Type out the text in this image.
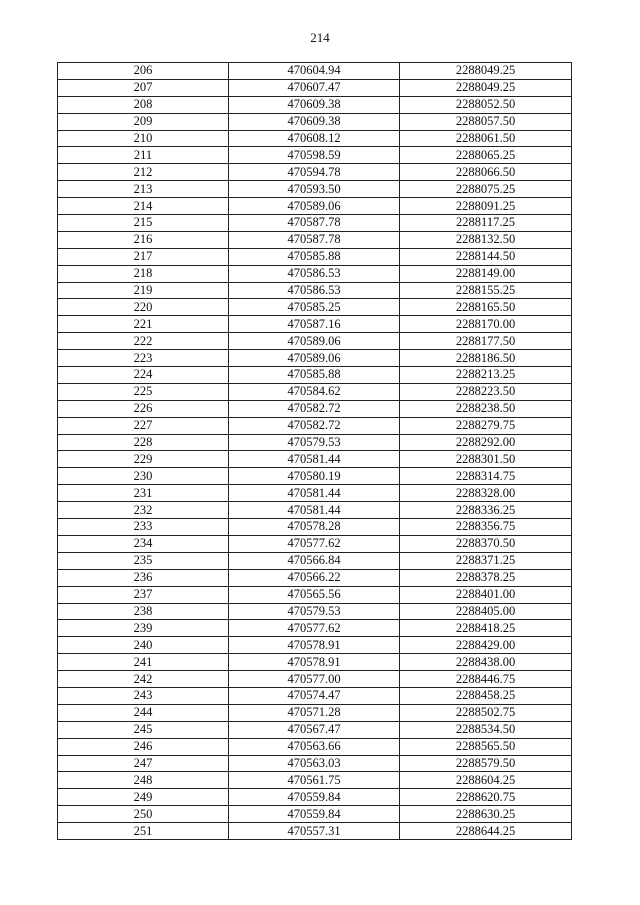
214
206	470604.94	2288049.25
207	470607.47	2288049.25
208	470609.38	2288052.50
209	470609.38	2288057.50
210	470608.12	2288061.50
211	470598.59	2288065.25
212	470594.78	2288066.50
213	470593.50	2288075.25
214	470589.06	2288091.25
215	470587.78	2288117.25
216	470587.78	2288132.50
217	470585.88	2288144.50
218	470586.53	2288149.00
219	470586.53	2288155.25
220	470585.25	2288165.50
221	470587.16	2288170.00
222	470589.06	2288177.50
223	470589.06	2288186.50
224	470585.88	2288213.25
225	470584.62	2288223.50
226	470582.72	2288238.50
227	470582.72	2288279.75
228	470579.53	2288292.00
229	470581.44	2288301.50
230	470580.19	2288314.75
231	470581.44	2288328.00
232	470581.44	2288336.25
233	470578.28	2288356.75
234	470577.62	2288370.50
235	470566.84	2288371.25
236	470566.22	2288378.25
237	470565.56	2288401.00
238	470579.53	2288405.00
239	470577.62	2288418.25
240	470578.91	2288429.00
241	470578.91	2288438.00
242	470577.00	2288446.75
243	470574.47	2288458.25
244	470571.28	2288502.75
245	470567.47	2288534.50
246	470563.66	2288565.50
247	470563.03	2288579.50
248	470561.75	2288604.25
249	470559.84	2288620.75
250	470559.84	2288630.25
251	470557.31	2288644.25
